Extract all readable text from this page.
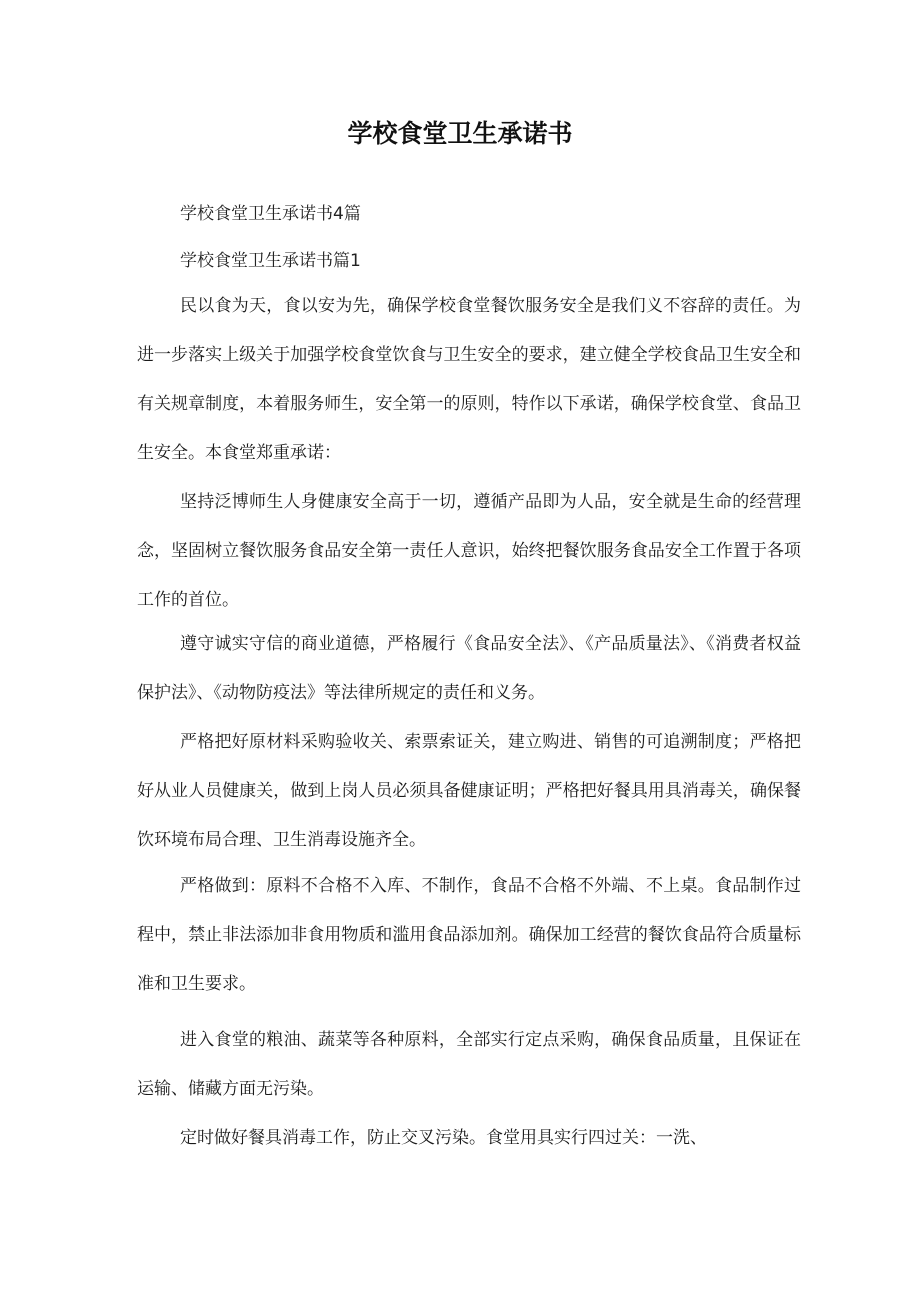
学校食堂卫生承诺书
学校食堂卫生承诺书4篇
学校食堂卫生承诺书篇1

民以食为天，食以安为先，确保学校食堂餐饮服务安全是我们义不容辞的责任。为进一步落实上级关于加强学校食堂饮食与卫生安全的要求，建立健全学校食品卫生安全和有关规章制度，本着服务师生，安全第一的原则，特作以下承诺，确保学校食堂、食品卫生安全。本食堂郑重承诺：

坚持泛博师生人身健康安全高于一切，遵循产品即为人品，安全就是生命的经营理念，坚固树立餐饮服务食品安全第一责任人意识，始终把餐饮服务食品安全工作置于各项工作的首位。

遵守诚实守信的商业道德，严格履行《食品安全法》、《产品质量法》、《消费者权益保护法》、《动物防疫法》等法律所规定的责任和义务。

严格把好原材料采购验收关、索票索证关，建立购进、销售的可追溯制度；严格把好从业人员健康关，做到上岗人员必须具备健康证明；严格把好餐具用具消毒关，确保餐饮环境布局合理、卫生消毒设施齐全。

严格做到：原料不合格不入库、不制作，食品不合格不外端、不上桌。食品制作过程中，禁止非法添加非食用物质和滥用食品添加剂。确保加工经营的餐饮食品符合质量标准和卫生要求。

进入食堂的粮油、蔬菜等各种原料，全部实行定点采购，确保食品质量，且保证在运输、储藏方面无污染。

定时做好餐具消毒工作，防止交叉污染。食堂用具实行四过关：一洗、
